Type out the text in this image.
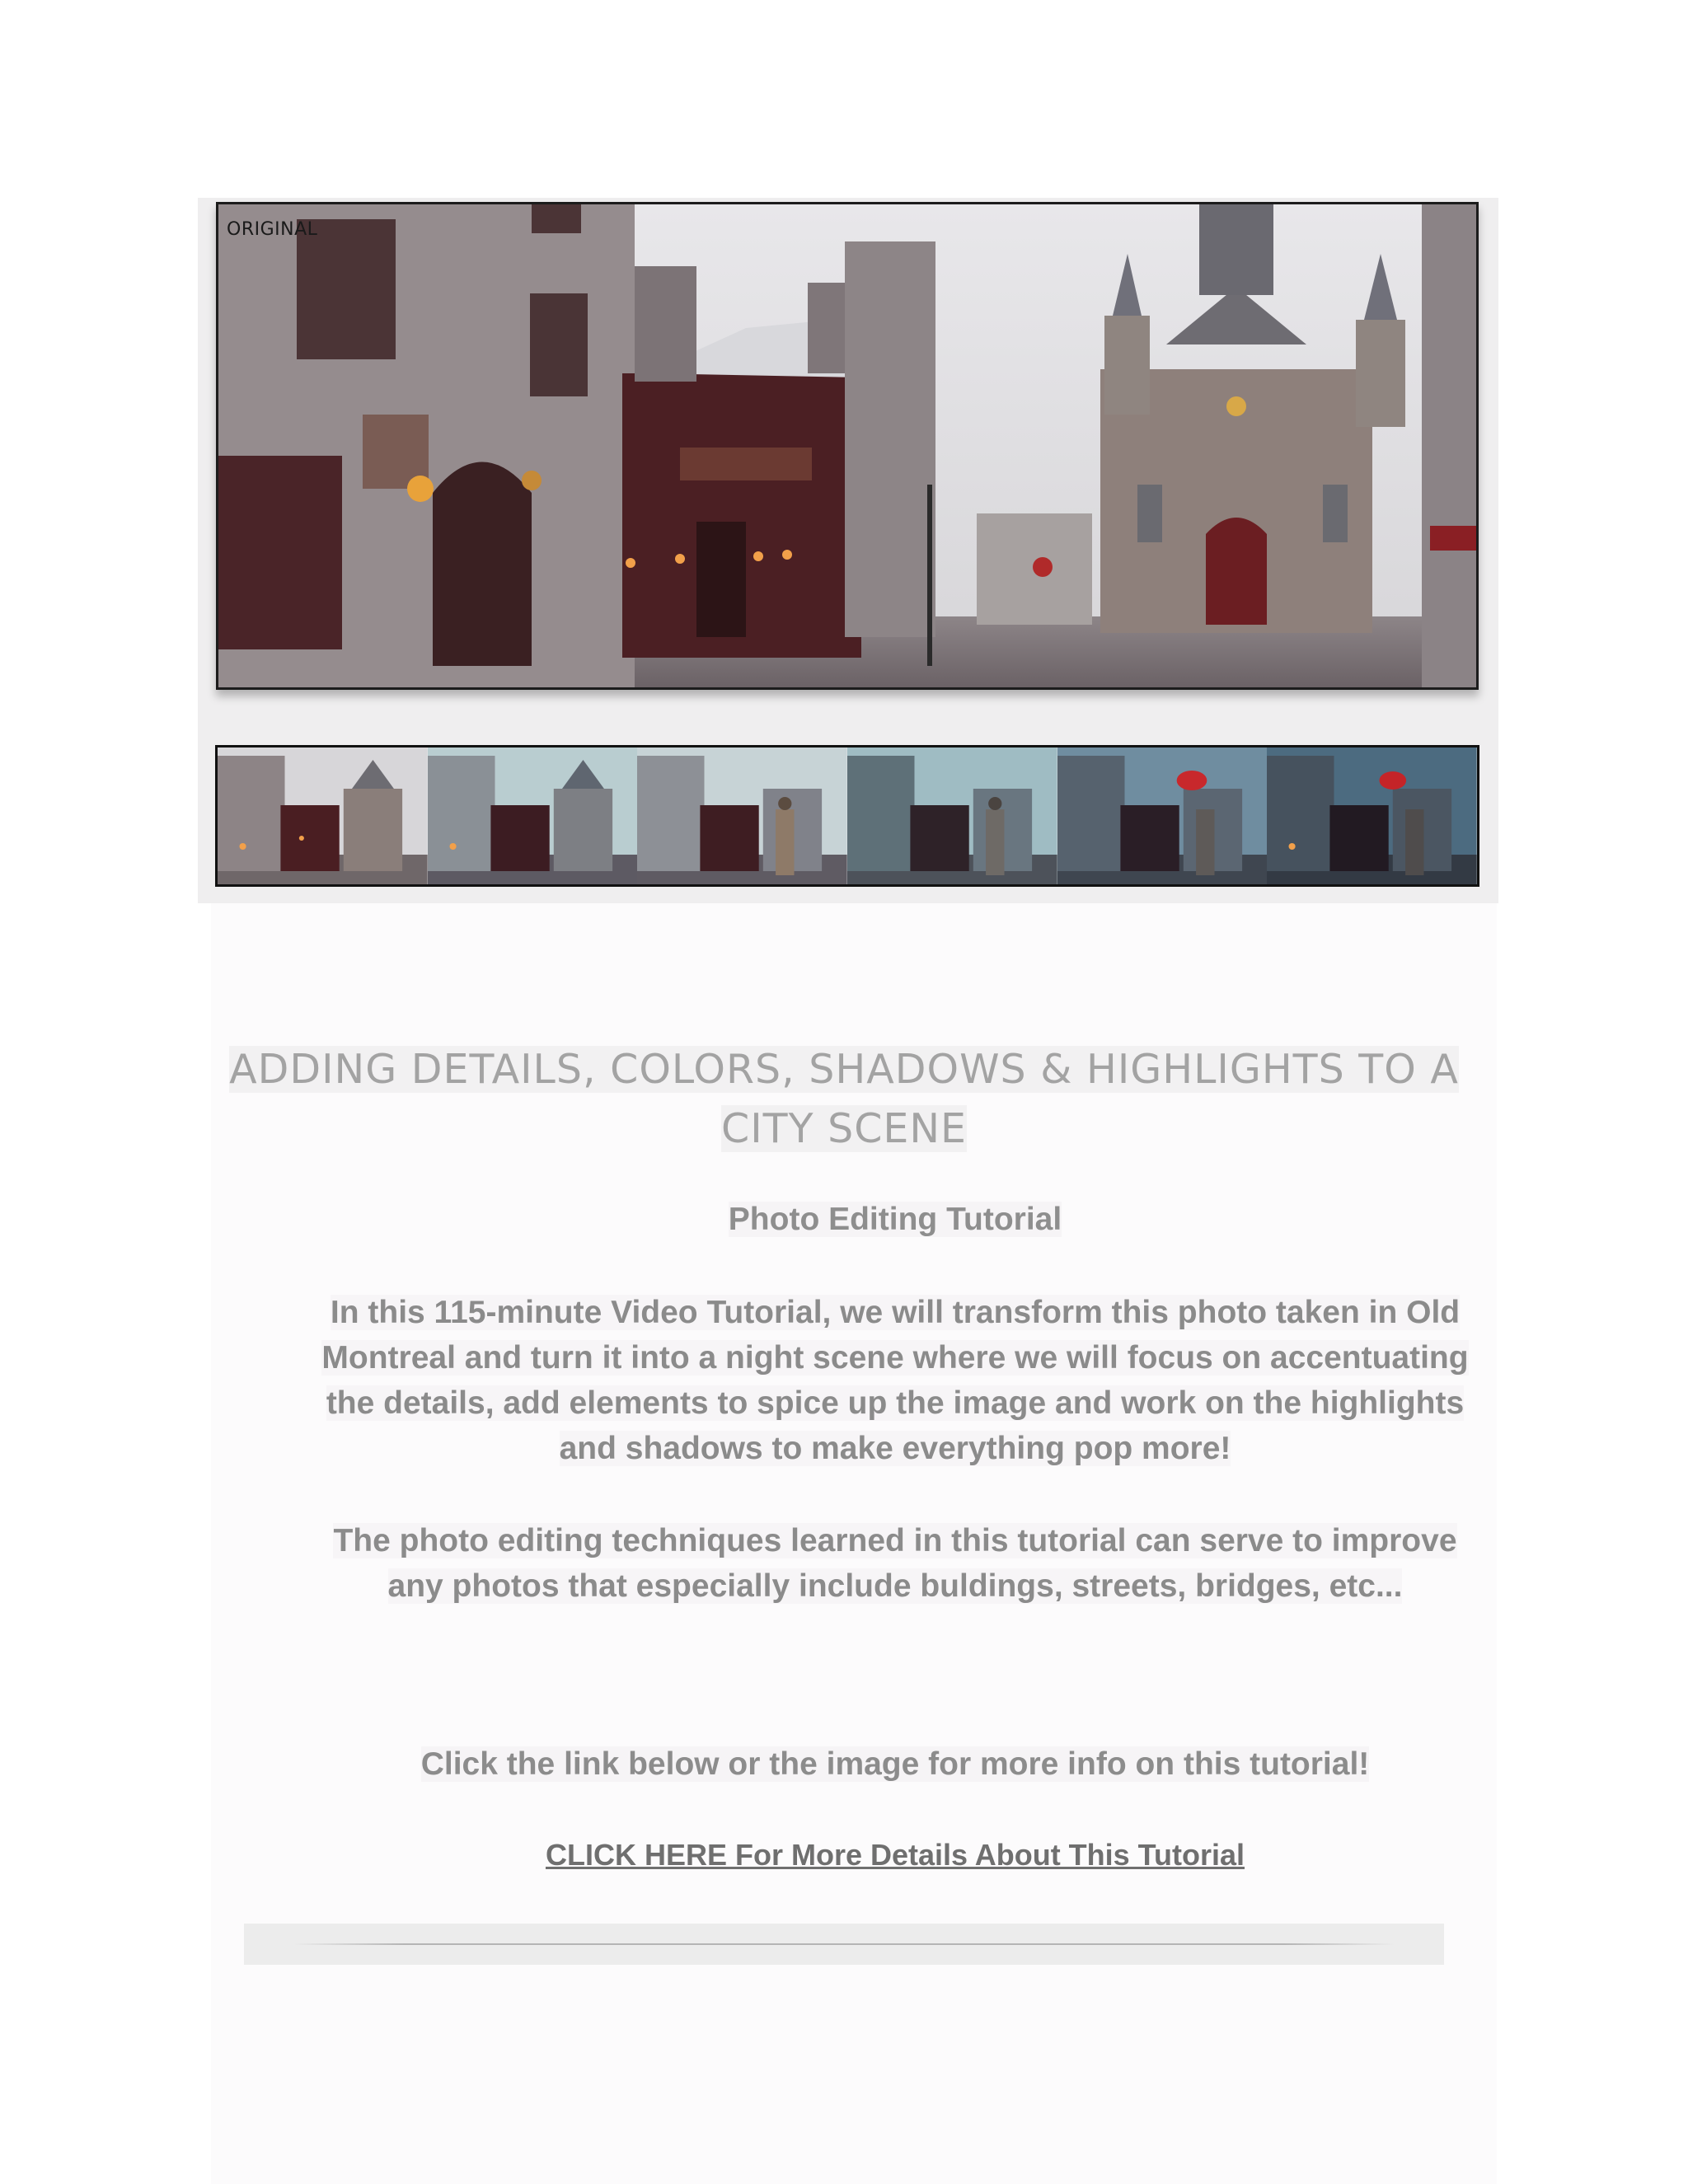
ORIGINAL
ADDING DETAILS, COLORS, SHADOWS & HIGHLIGHTS TO A CITY SCENE
Photo Editing Tutorial
In this 115-minute Video Tutorial, we will transform this photo taken in Old Montreal and turn it into a night scene where we will focus on accentuating the details, add elements to spice up the image and work on the highlights and shadows to make everything pop more!
The photo editing techniques learned in this tutorial can serve to improve any photos that especially include buldings, streets, bridges, etc...
Click the link below or the image for more info on this tutorial!
CLICK HERE For More Details About This Tutorial
